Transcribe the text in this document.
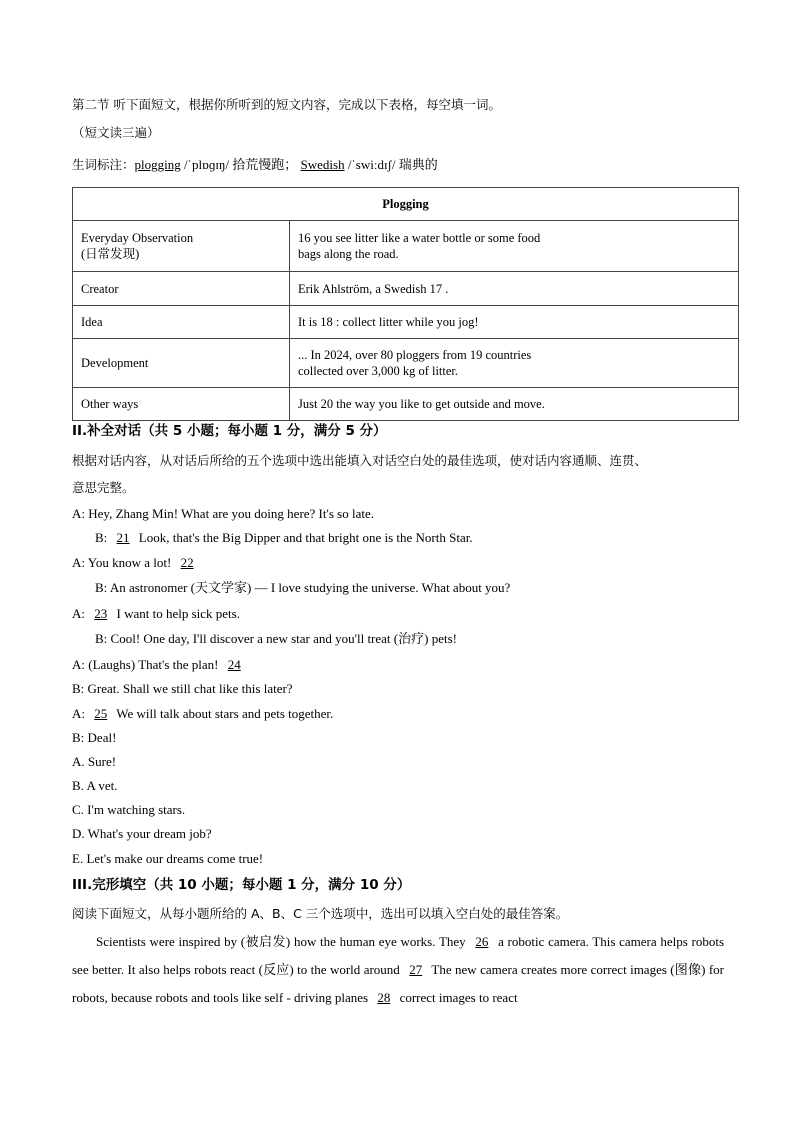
第二节 听下面短文，根据你所听到的短文内容，完成以下表格，每空填一词。
（短文读三遍）
生词标注：plogging /ˈplɒɡɪŋ/ 拾荒慢跑； Swedish /ˈswiːdɪʃ/ 瑞典的
Plogging	
Everyday Observation
(日常发现)	16 you see litter like a water bottle or some food
bags along the road.
Creator	Erik Ahlström, a Swedish 17 .
Idea	It is 18 : collect litter while you jog!
Development	... In 2024, over 80 ploggers from 19 countries
collected over 3,000 kg of litter.
Other ways	Just 20 the way you like to get outside and move.
II.补全对话（共 5 小题；每小题 1 分，满分 5 分）
根据对话内容，从对话后所给的五个选项中选出能填入对话空白处的最佳选项，使对话内容通顺、连贯、
意思完整。
A: Hey, Zhang Min! What are you doing here? It's so late.
B: 21 Look, that's the Big Dipper and that bright one is the North Star.
A: You know a lot! 22
B: An astronomer (天文学家) — I love studying the universe. What about you?
A: 23 I want to help sick pets.
B: Cool! One day, I'll discover a new star and you'll treat (治疗) pets!
A: (Laughs) That's the plan! 24
B: Great. Shall we still chat like this later?
A: 25 We will talk about stars and pets together.
B: Deal!
A. Sure!
B. A vet.
C. I'm watching stars.
D. What's your dream job?
E. Let's make our dreams come true!
III.完形填空（共 10 小题；每小题 1 分，满分 10 分）
阅读下面短文，从每小题所给的 A、B、C 三个选项中，选出可以填入空白处的最佳答案。
Scientists were inspired by (被启发) how the human eye works. They 26 a robotic camera. This camera helps robots see better. It also helps robots react (反应) to the world around 27 The new camera creates more correct images (图像) for robots, because robots and tools like self - driving planes 28 correct images to react
